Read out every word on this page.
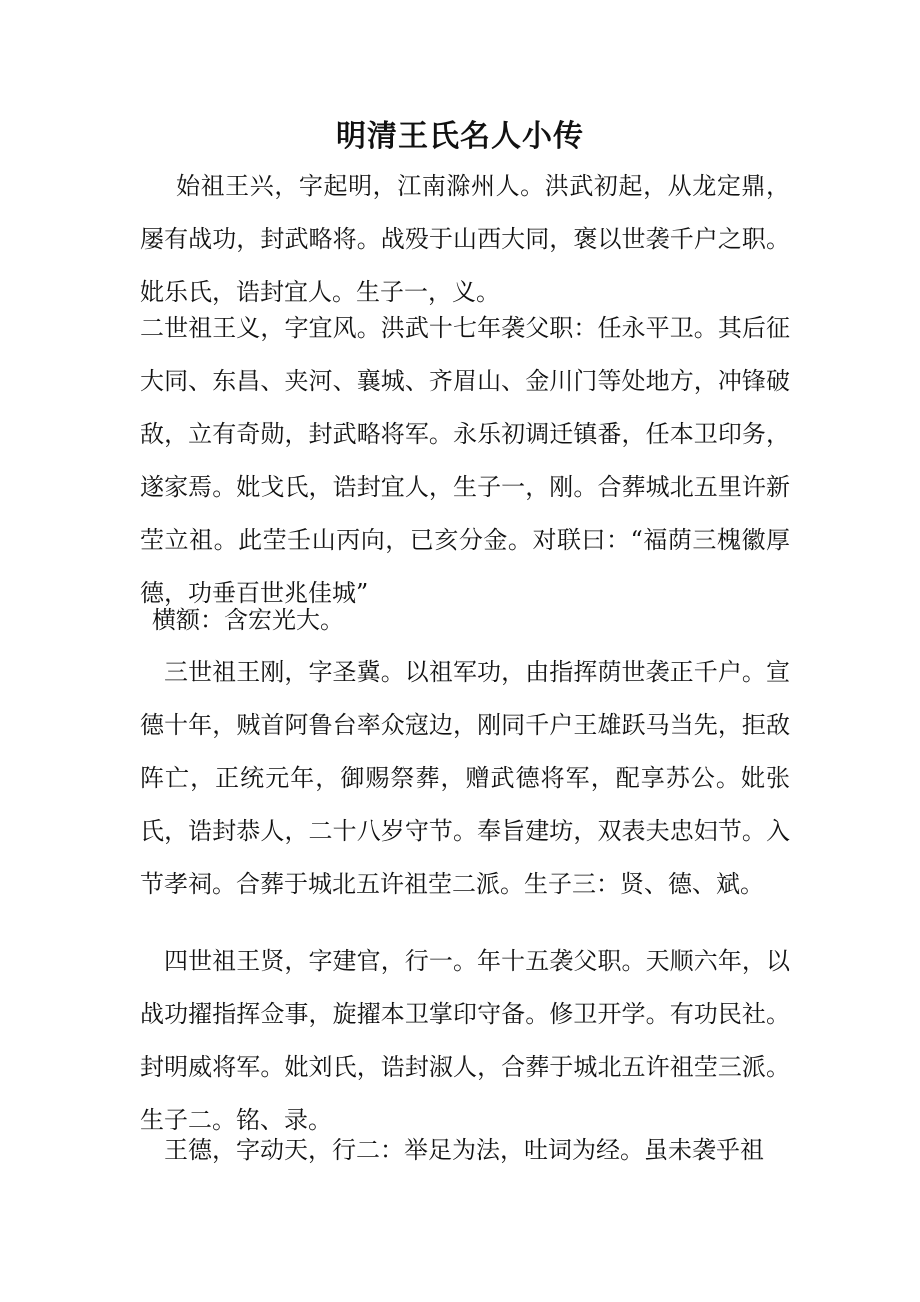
明清王氏名人小传

始祖王兴，字起明，江南滁州人。洪武初起，从龙定鼎，屡有战功，封武略将。战殁于山西大同，褒以世袭千户之职。妣乐氏，诰封宜人。生子一，义。

二世祖王义，字宜风。洪武十七年袭父职：任永平卫。其后征大同、东昌、夹河、襄城、齐眉山、金川门等处地方，冲锋破敌，立有奇勋，封武略将军。永乐初调迁镇番，任本卫印务，遂家焉。妣戈氏，诰封宜人，生子一，刚。合葬城北五里许新茔立祖。此茔壬山丙向，已亥分金。对联曰：“福荫三槐徽厚德，功垂百世兆佳城”

横额：含宏光大。

三世祖王刚，字圣冀。以祖军功，由指挥荫世袭正千户。宣德十年，贼首阿鲁台率众寇边，刚同千户王雄跃马当先，拒敌阵亡，正统元年，御赐祭葬，赠武德将军，配享苏公。妣张氏，诰封恭人，二十八岁守节。奉旨建坊，双表夫忠妇节。入节孝祠。合葬于城北五许祖茔二派。生子三：贤、德、斌。

四世祖王贤，字建官，行一。年十五袭父职。天顺六年，以战功擢指挥佥事，旋擢本卫掌印守备。修卫开学。有功民社。封明威将军。妣刘氏，诰封淑人，合葬于城北五许祖茔三派。生子二。铭、录。

王德，字动天，行二：举足为法，吐词为经。虽未袭乎祖
